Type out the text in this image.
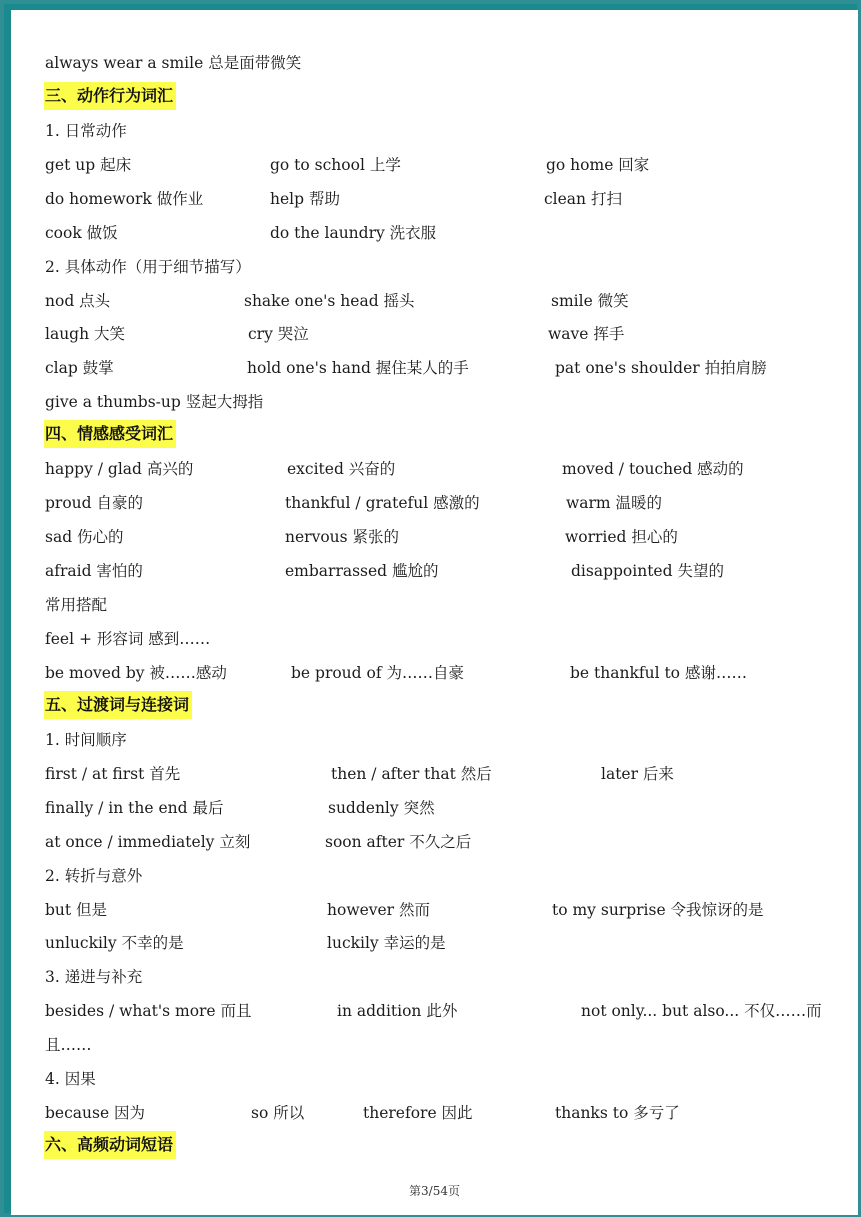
always wear a smile 总是面带微笑
三、动作行为词汇
1. 日常动作
get up 起床	go to school 上学	go home 回家
do homework 做作业	help 帮助	clean 打扫
cook 做饭	do the laundry 洗衣服
2. 具体动作（用于细节描写）
nod 点头	shake one's head 摇头	smile 微笑
laugh 大笑	cry 哭泣	wave 挥手
clap 鼓掌	hold one's hand 握住某人的手	pat one's shoulder 拍拍肩膀
give a thumbs-up 竖起大拇指
四、情感感受词汇
happy / glad 高兴的	excited 兴奋的	moved / touched 感动的
proud 自豪的	thankful / grateful 感激的	warm 温暖的
sad 伤心的	nervous 紧张的	worried 担心的
afraid 害怕的	embarrassed 尴尬的	disappointed 失望的
常用搭配
feel + 形容词 感到……
be moved by 被……感动	be proud of 为……自豪	be thankful to 感谢……
五、过渡词与连接词
1. 时间顺序
first / at first 首先	then / after that 然后	later 后来
finally / in the end 最后	suddenly 突然
at once / immediately 立刻	soon after 不久之后
2. 转折与意外
but 但是	however 然而	to my surprise 令我惊讶的是
unluckily 不幸的是	luckily 幸运的是
3. 递进与补充
besides / what's more 而且	in addition 此外	not only... but also... 不仅……而
且……
4. 因果
because 因为	so 所以	therefore 因此	thanks to 多亏了
六、高频动词短语
第3/54页
